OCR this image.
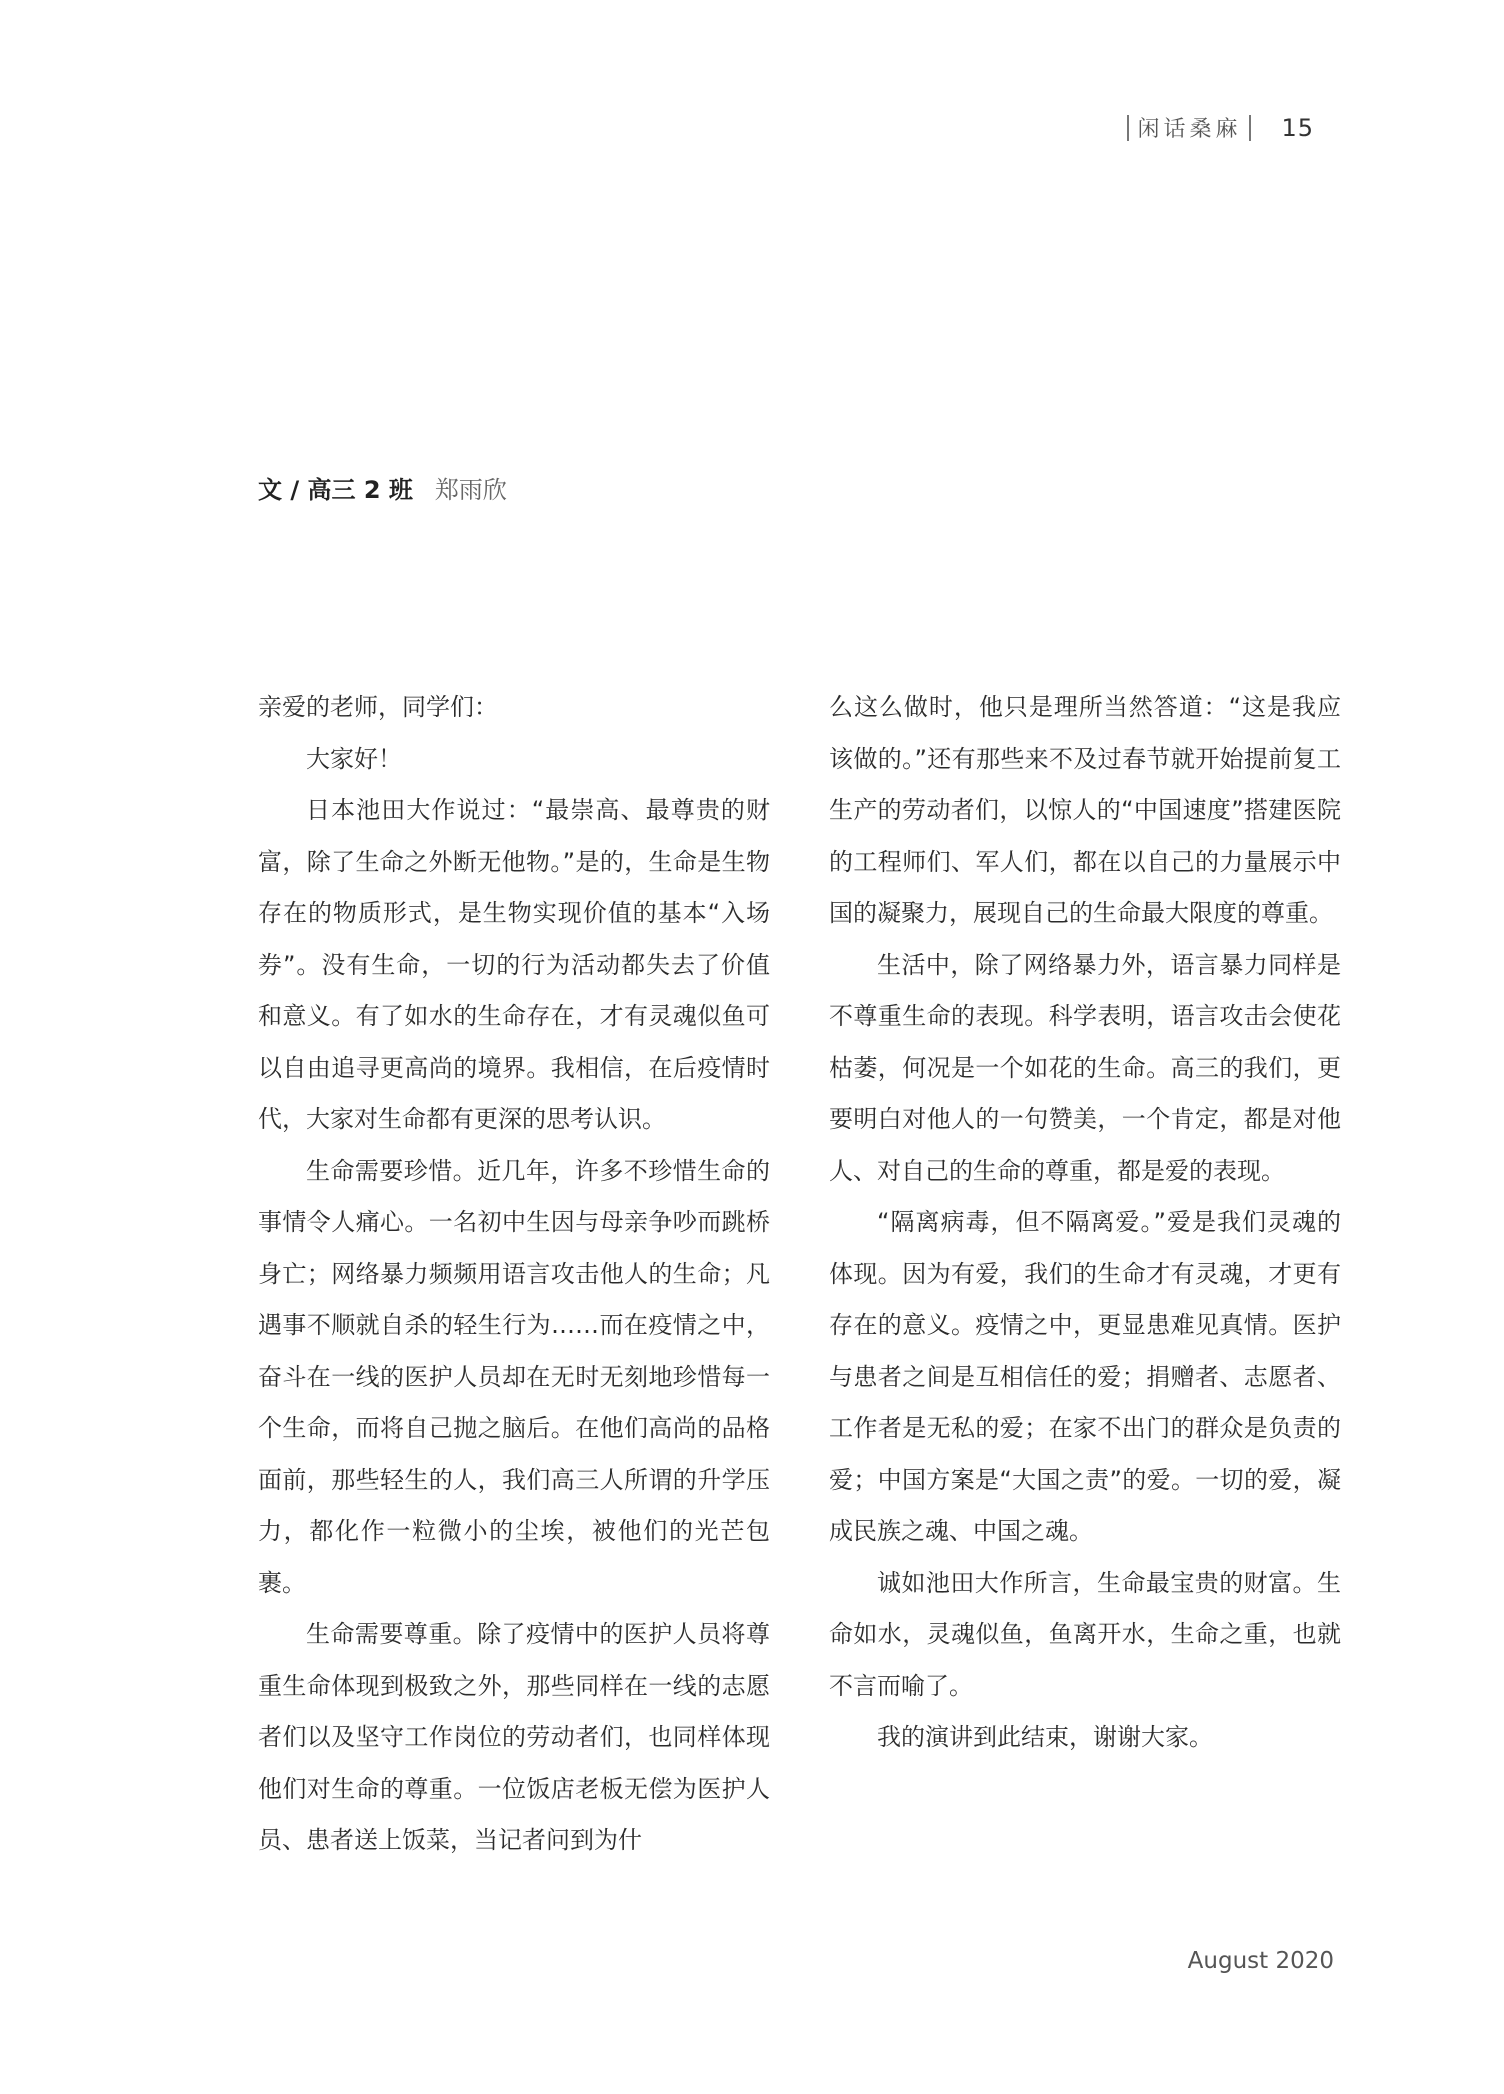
闲话桑麻 15
文 / 高三 2 班 郑雨欣

亲爱的老师，同学们：

大家好！

日本池田大作说过：“最崇高、最尊贵的财富，除了生命之外断无他物。”是的，生命是生物存在的物质形式，是生物实现价值的基本“入场券”。没有生命，一切的行为活动都失去了价值和意义。有了如水的生命存在，才有灵魂似鱼可以自由追寻更高尚的境界。我相信，在后疫情时代，大家对生命都有更深的思考认识。

生命需要珍惜。近几年，许多不珍惜生命的事情令人痛心。一名初中生因与母亲争吵而跳桥身亡；网络暴力频频用语言攻击他人的生命；凡遇事不顺就自杀的轻生行为……而在疫情之中，奋斗在一线的医护人员却在无时无刻地珍惜每一个生命，而将自己抛之脑后。在他们高尚的品格面前，那些轻生的人，我们高三人所谓的升学压力，都化作一粒微小的尘埃，被他们的光芒包裹。

生命需要尊重。除了疫情中的医护人员将尊重生命体现到极致之外，那些同样在一线的志愿者们以及坚守工作岗位的劳动者们，也同样体现他们对生命的尊重。一位饭店老板无偿为医护人员、患者送上饭菜，当记者问到为什

么这么做时，他只是理所当然答道：“这是我应该做的。”还有那些来不及过春节就开始提前复工生产的劳动者们，以惊人的“中国速度”搭建医院的工程师们、军人们，都在以自己的力量展示中国的凝聚力，展现自己的生命最大限度的尊重。

生活中，除了网络暴力外，语言暴力同样是不尊重生命的表现。科学表明，语言攻击会使花枯萎，何况是一个如花的生命。高三的我们，更要明白对他人的一句赞美，一个肯定，都是对他人、对自己的生命的尊重，都是爱的表现。

“隔离病毒，但不隔离爱。”爱是我们灵魂的体现。因为有爱，我们的生命才有灵魂，才更有存在的意义。疫情之中，更显患难见真情。医护与患者之间是互相信任的爱；捐赠者、志愿者、工作者是无私的爱；在家不出门的群众是负责的爱；中国方案是“大国之责”的爱。一切的爱，凝成民族之魂、中国之魂。

诚如池田大作所言，生命最宝贵的财富。生命如水，灵魂似鱼，鱼离开水，生命之重，也就不言而喻了。

我的演讲到此结束，谢谢大家。

August 2020
